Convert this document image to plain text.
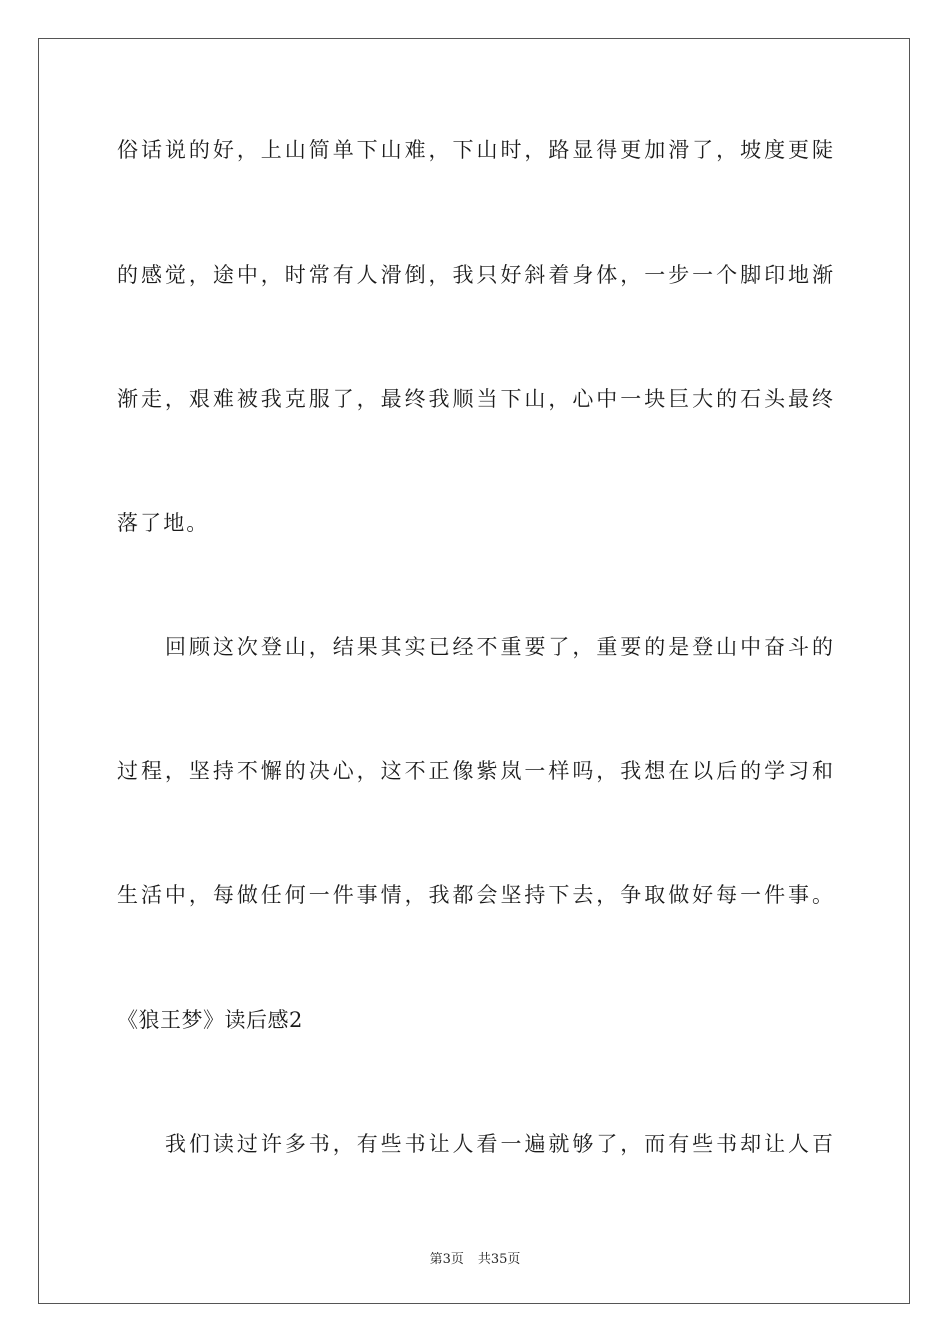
俗话说的好，上山简单下山难，下山时，路显得更加滑了，坡度更陡
的感觉，途中，时常有人滑倒，我只好斜着身体，一步一个脚印地渐
渐走，艰难被我克服了，最终我顺当下山，心中一块巨大的石头最终
落了地。
回顾这次登山，结果其实已经不重要了，重要的是登山中奋斗的
过程，坚持不懈的决心，这不正像紫岚一样吗，我想在以后的学习和
生活中，每做任何一件事情，我都会坚持下去，争取做好每一件事。
《狼王梦》读后感2
我们读过许多书，有些书让人看一遍就够了，而有些书却让人百
第3页 共35页
